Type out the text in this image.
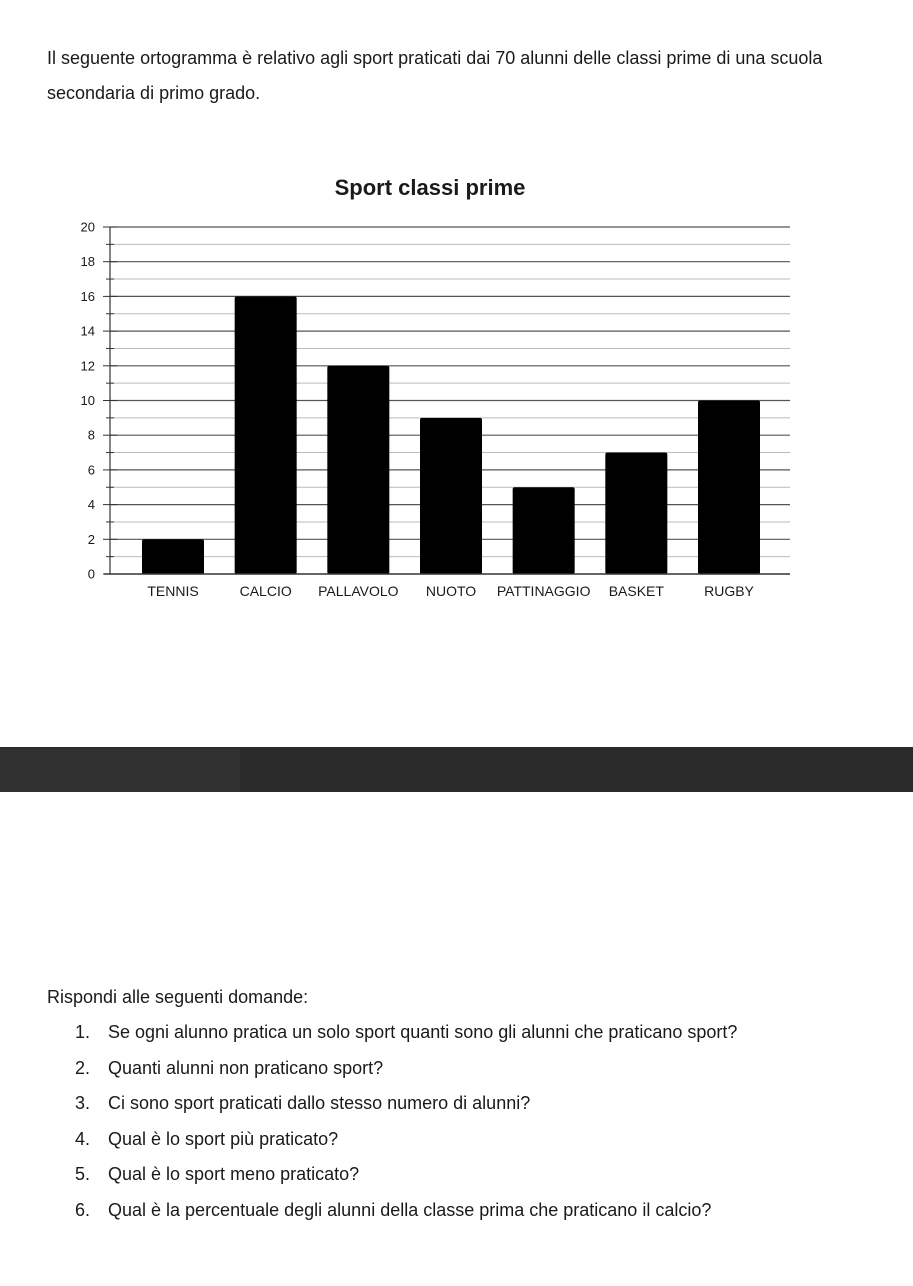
Il seguente ortogramma è relativo agli sport praticati dai 70 alunni delle classi prime di una scuola secondaria di primo grado.

Sport classi prime
0
2
4
6
8
10
12
14
16
18
20
TENNIS	CALCIO PALLAVOLO NUOTO PATTINAGGIO BASKET	RUGBY

Rispondi alle seguenti domande:

1. Se ogni alunno pratica un solo sport quanti sono gli alunni che praticano sport?
2. Quanti alunni non praticano sport?
3. Ci sono sport praticati dallo stesso numero di alunni?
4. Qual è lo sport più praticato?
5. Qual è lo sport meno praticato?
6. Qual è la percentuale degli alunni della classe prima che praticano il calcio?
